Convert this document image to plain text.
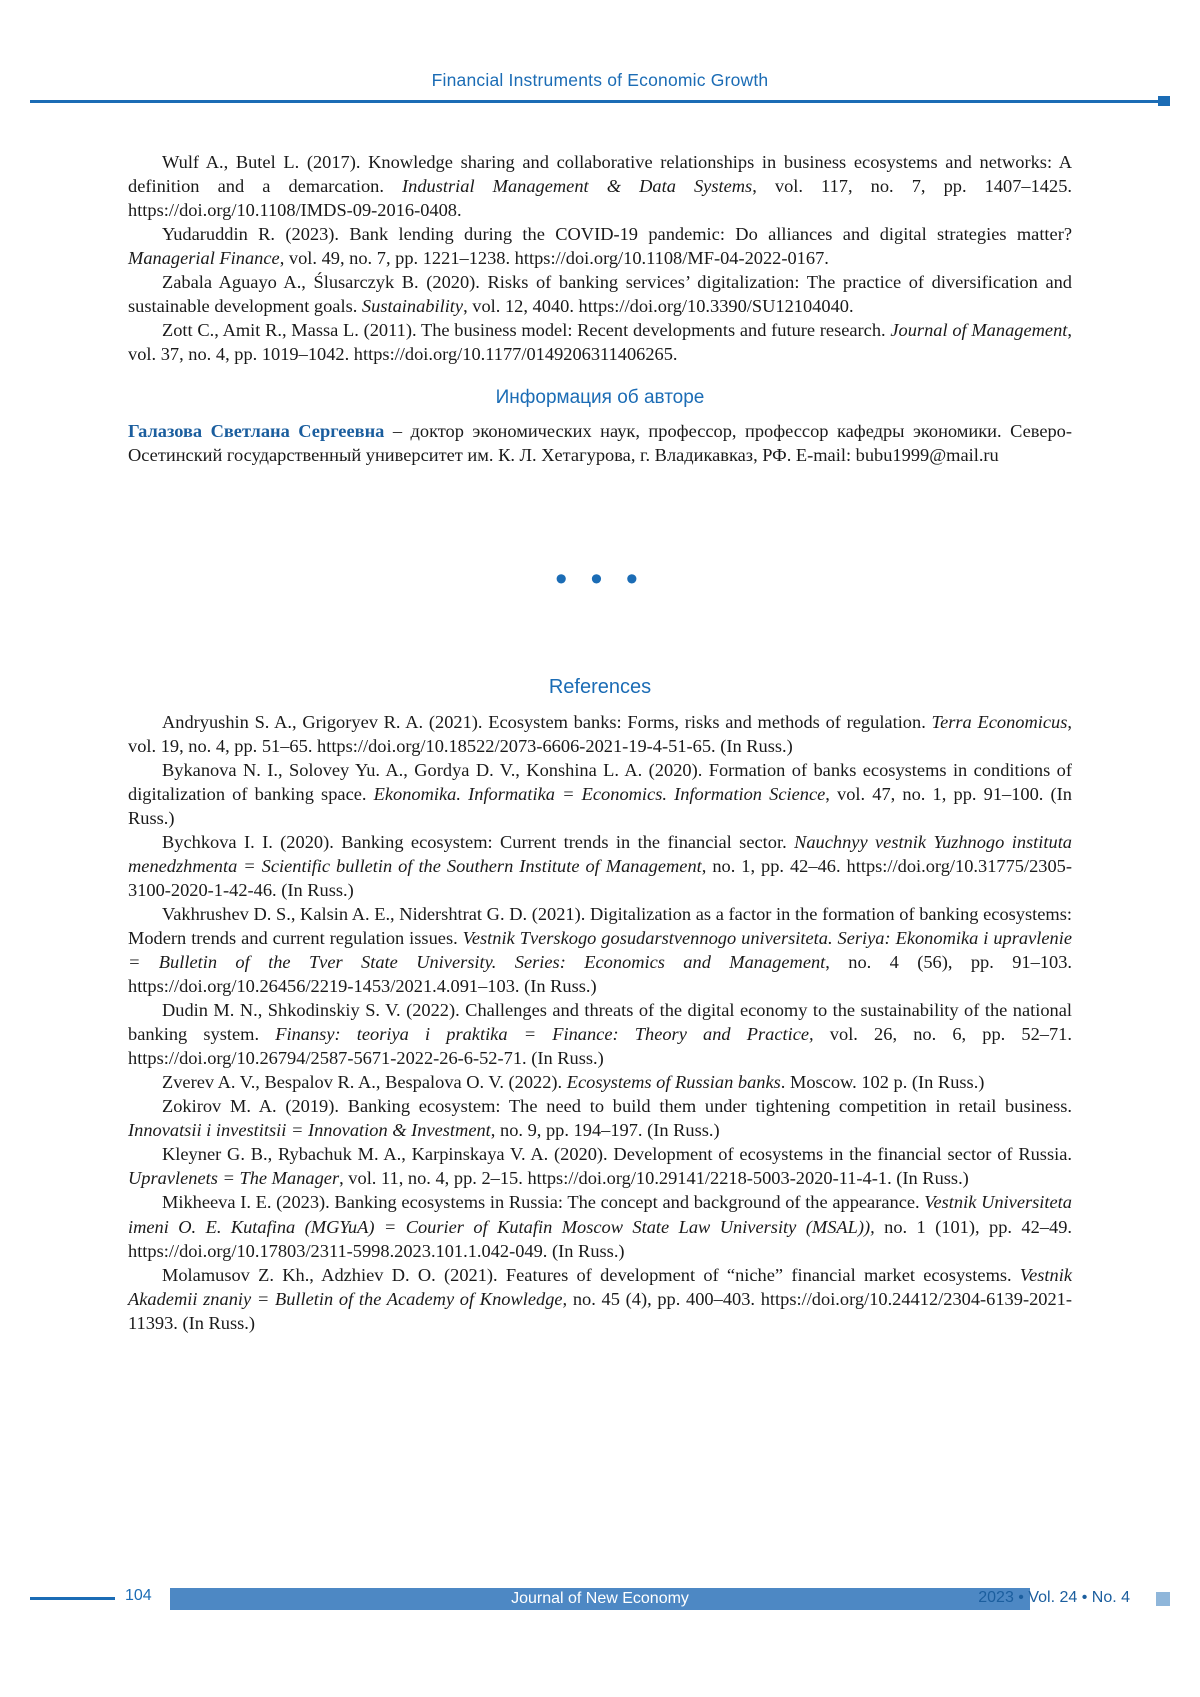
Financial Instruments of Economic Growth

Wulf A., Butel L. (2017). Knowledge sharing and collaborative relationships in business ecosystems and networks: A definition and a demarcation. Industrial Management & Data Systems, vol. 117, no. 7, pp. 1407–1425. https://doi.org/10.1108/IMDS-09-2016-0408.

Yudaruddin R. (2023). Bank lending during the COVID-19 pandemic: Do alliances and digital strategies matter? Managerial Finance, vol. 49, no. 7, pp. 1221–1238. https://doi.org/10.1108/MF-04-2022-0167.

Zabala Aguayo A., Ślusarczyk B. (2020). Risks of banking services’ digitalization: The practice of diversification and sustainable development goals. Sustainability, vol. 12, 4040. https://doi.org/10.3390/SU12104040.

Zott C., Amit R., Massa L. (2011). The business model: Recent developments and future research. Journal of Management, vol. 37, no. 4, pp. 1019–1042. https://doi.org/10.1177/0149206311406265.

Информация об авторе
Галазова Светлана Сергеевна – доктор экономических наук, профессор, профессор кафедры экономики. Северо-Осетинский государственный университет им. К. Л. Хетагурова, г. Владикавказ, РФ. E-mail: bubu1999@mail.ru
• • •
References

Andryushin S. A., Grigoryev R. A. (2021). Ecosystem banks: Forms, risks and methods of regulation. Terra Economicus, vol. 19, no. 4, pp. 51–65. https://doi.org/10.18522/2073-6606-2021-19-4-51-65. (In Russ.)

Bykanova N. I., Solovey Yu. A., Gordya D. V., Konshina L. A. (2020). Formation of banks ecosystems in conditions of digitalization of banking space. Ekonomika. Informatika = Economics. Information Science, vol. 47, no. 1, pp. 91–100. (In Russ.)

Bychkova I. I. (2020). Banking ecosystem: Current trends in the financial sector. Nauchnyy vestnik Yuzhnogo instituta menedzhmenta = Scientific bulletin of the Southern Institute of Management, no. 1, pp. 42–46. https://doi.org/10.31775/2305-3100-2020-1-42-46. (In Russ.)

Vakhrushev D. S., Kalsin A. E., Nidershtrat G. D. (2021). Digitalization as a factor in the formation of banking ecosystems: Modern trends and current regulation issues. Vestnik Tverskogo gosudarstvennogo universiteta. Seriya: Ekonomika i upravlenie = Bulletin of the Tver State University. Series: Economics and Management, no. 4 (56), pp. 91–103. https://doi.org/10.26456/2219-1453/2021.4.091–103. (In Russ.)

Dudin M. N., Shkodinskiy S. V. (2022). Challenges and threats of the digital economy to the sustainability of the national banking system. Finansy: teoriya i praktika = Finance: Theory and Practice, vol. 26, no. 6, pp. 52–71. https://doi.org/10.26794/2587-5671-2022-26-6-52-71. (In Russ.)

Zverev A. V., Bespalov R. A., Bespalova O. V. (2022). Ecosystems of Russian banks. Moscow. 102 p. (In Russ.)

Zokirov M. A. (2019). Banking ecosystem: The need to build them under tightening competition in retail business. Innovatsii i investitsii = Innovation & Investment, no. 9, pp. 194–197. (In Russ.)

Kleyner G. B., Rybachuk M. A., Karpinskaya V. A. (2020). Development of ecosystems in the financial sector of Russia. Upravlenets = The Manager, vol. 11, no. 4, pp. 2–15. https://doi.org/10.29141/2218-5003-2020-11-4-1. (In Russ.)

Mikheeva I. E. (2023). Banking ecosystems in Russia: The concept and background of the appearance. Vestnik Universiteta imeni O. E. Kutafina (MGYuA) = Courier of Kutafin Moscow State Law University (MSAL)), no. 1 (101), pp. 42–49. https://doi.org/10.17803/2311-5998.2023.101.1.042-049. (In Russ.)

Molamusov Z. Kh., Adzhiev D. O. (2021). Features of development of “niche” financial market ecosystems. Vestnik Akademii znaniy = Bulletin of the Academy of Knowledge, no. 45 (4), pp. 400–403. https://doi.org/10.24412/2304-6139-2021-11393. (In Russ.)

104	Journal of New Economy	2023 • Vol. 24 • No. 4
